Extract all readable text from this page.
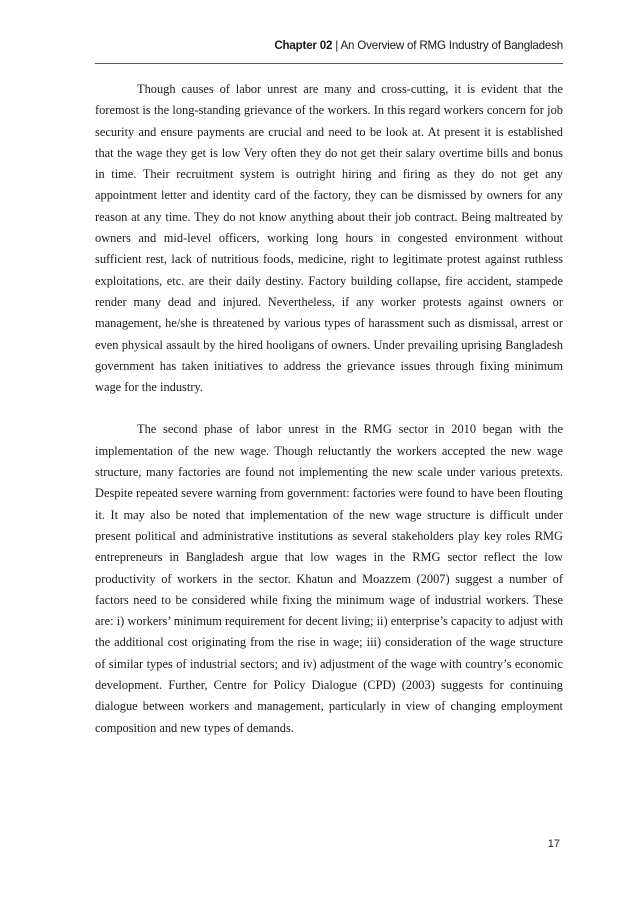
Chapter 02 | An Overview of RMG Industry of Bangladesh

Though causes of labor unrest are many and cross-cutting, it is evident that the foremost is the long-standing grievance of the workers. In this regard workers concern for job security and ensure payments are crucial and need to be look at. At present it is established that the wage they get is low Very often they do not get their salary overtime bills and bonus in time. Their recruitment system is outright hiring and firing as they do not get any appointment letter and identity card of the factory, they can be dismissed by owners for any reason at any time. They do not know anything about their job contract. Being maltreated by owners and mid-level officers, working long hours in congested environment without sufficient rest, lack of nutritious foods, medicine, right to legitimate protest against ruthless exploitations, etc. are their daily destiny. Factory building collapse, fire accident, stampede render many dead and injured. Nevertheless, if any worker protests against owners or management, he/she is threatened by various types of harassment such as dismissal, arrest or even physical assault by the hired hooligans of owners. Under prevailing uprising Bangladesh government has taken initiatives to address the grievance issues through fixing minimum wage for the industry.

The second phase of labor unrest in the RMG sector in 2010 began with the implementation of the new wage. Though reluctantly the workers accepted the new wage structure, many factories are found not implementing the new scale under various pretexts. Despite repeated severe warning from government: factories were found to have been flouting it. It may also be noted that implementation of the new wage structure is difficult under present political and administrative institutions as several stakeholders play key roles RMG entrepreneurs in Bangladesh argue that low wages in the RMG sector reflect the low productivity of workers in the sector. Khatun and Moazzem (2007) suggest a number of factors need to be considered while fixing the minimum wage of industrial workers. These are: i) workers’ minimum requirement for decent living; ii) enterprise’s capacity to adjust with the additional cost originating from the rise in wage; iii) consideration of the wage structure of similar types of industrial sectors; and iv) adjustment of the wage with country’s economic development. Further, Centre for Policy Dialogue (CPD) (2003) suggests for continuing dialogue between workers and management, particularly in view of changing employment composition and new types of demands.

17
